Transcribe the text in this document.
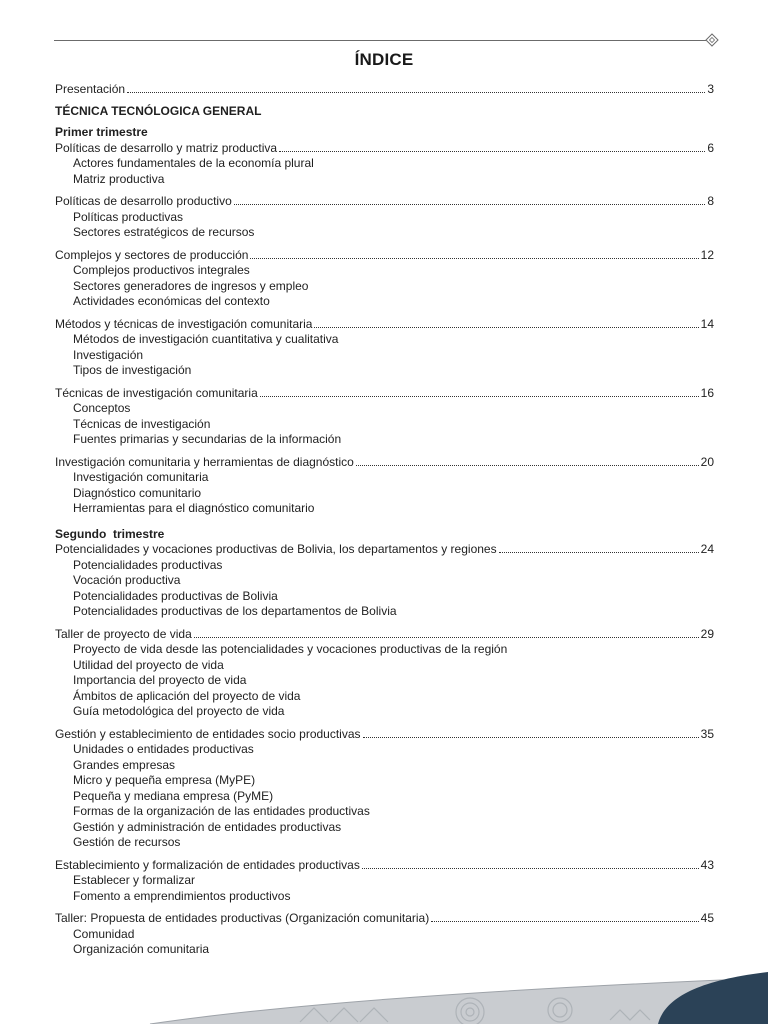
ÍNDICE
Presentación	3
TÉCNICA TECNÓLOGICA GENERAL
Primer trimestre
Políticas de desarrollo y matriz productiva	6
Actores fundamentales de la economía plural
Matriz productiva
Políticas de desarrollo productivo	8
Políticas productivas
Sectores estratégicos de recursos
Complejos y sectores de producción	12
Complejos productivos integrales
Sectores generadores de ingresos y empleo
Actividades económicas del contexto
Métodos y técnicas de investigación comunitaria	14
Métodos de investigación cuantitativa y cualitativa
Investigación
Tipos de investigación
Técnicas de investigación comunitaria	16
Conceptos
Técnicas de investigación
Fuentes primarias y secundarias de la información
Investigación comunitaria y herramientas de diagnóstico	20
Investigación comunitaria
Diagnóstico comunitario
Herramientas para el diagnóstico comunitario
Segundo  trimestre
Potencialidades y vocaciones productivas de Bolivia, los departamentos y regiones	24
Potencialidades productivas
Vocación productiva
Potencialidades productivas de Bolivia
Potencialidades productivas de los departamentos de Bolivia
Taller de proyecto de vida	29
Proyecto de vida desde las potencialidades y vocaciones productivas de la región
Utilidad del proyecto de vida
Importancia del proyecto de vida
Ámbitos de aplicación del proyecto de vida
Guía metodológica del proyecto de vida
Gestión y establecimiento de entidades socio productivas	35
Unidades o entidades productivas
Grandes empresas
Micro y pequeña empresa (MyPE)
Pequeña y mediana empresa (PyME)
Formas de la organización de las entidades productivas
Gestión y administración de entidades productivas
Gestión de recursos
Establecimiento y formalización de entidades productivas	43
Establecer y formalizar
Fomento a emprendimientos productivos
Taller: Propuesta de entidades productivas (Organización comunitaria)	45
Comunidad
Organización comunitaria
